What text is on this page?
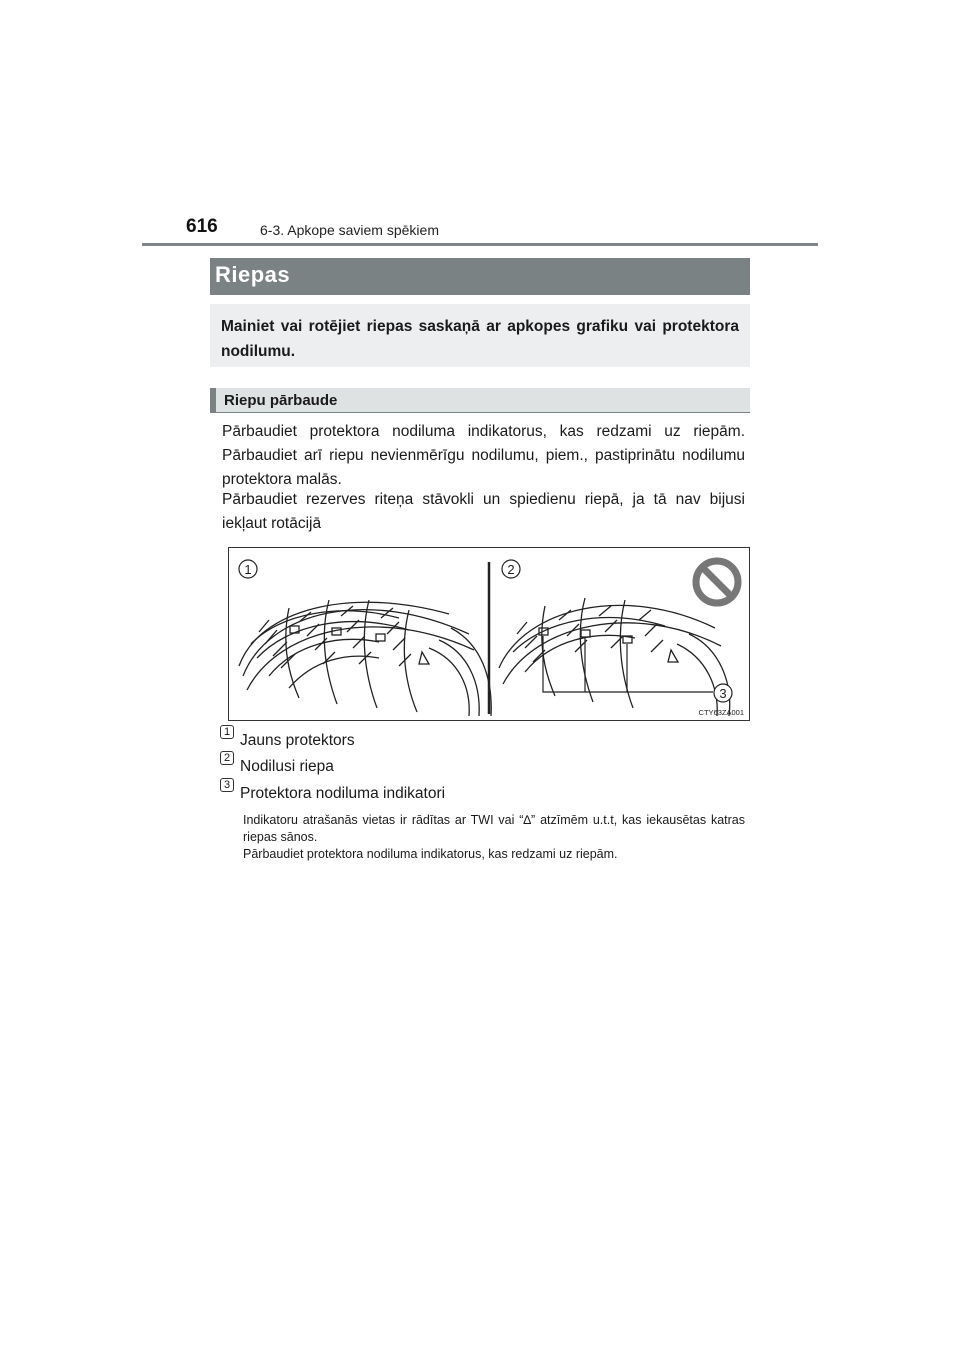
616	6-3. Apkope saviem spēkiem
Riepas
Mainiet vai rotējiet riepas saskaņā ar apkopes grafiku vai protektora nodilumu.
Riepu pārbaude
Pārbaudiet protektora nodiluma indikatorus, kas redzami uz riepām. Pārbaudiet arī riepu nevienmērīgu nodilumu, piem., pastiprinātu nodilumu protektora malās.
Pārbaudiet rezerves riteņa stāvokli un spiedienu riepā, ja tā nav bijusi iekļaut rotācijā
1	2
3
CTY63ZA001
1 Jauns protektors
2 Nodilusi riepa
3 Protektora nodiluma indikatori
Indikatoru atrašanās vietas ir rādītas ar TWI vai “∆” atzīmēm u.t.t, kas iekausētas katras riepas sānos.
Pārbaudiet protektora nodiluma indikatorus, kas redzami uz riepām.
